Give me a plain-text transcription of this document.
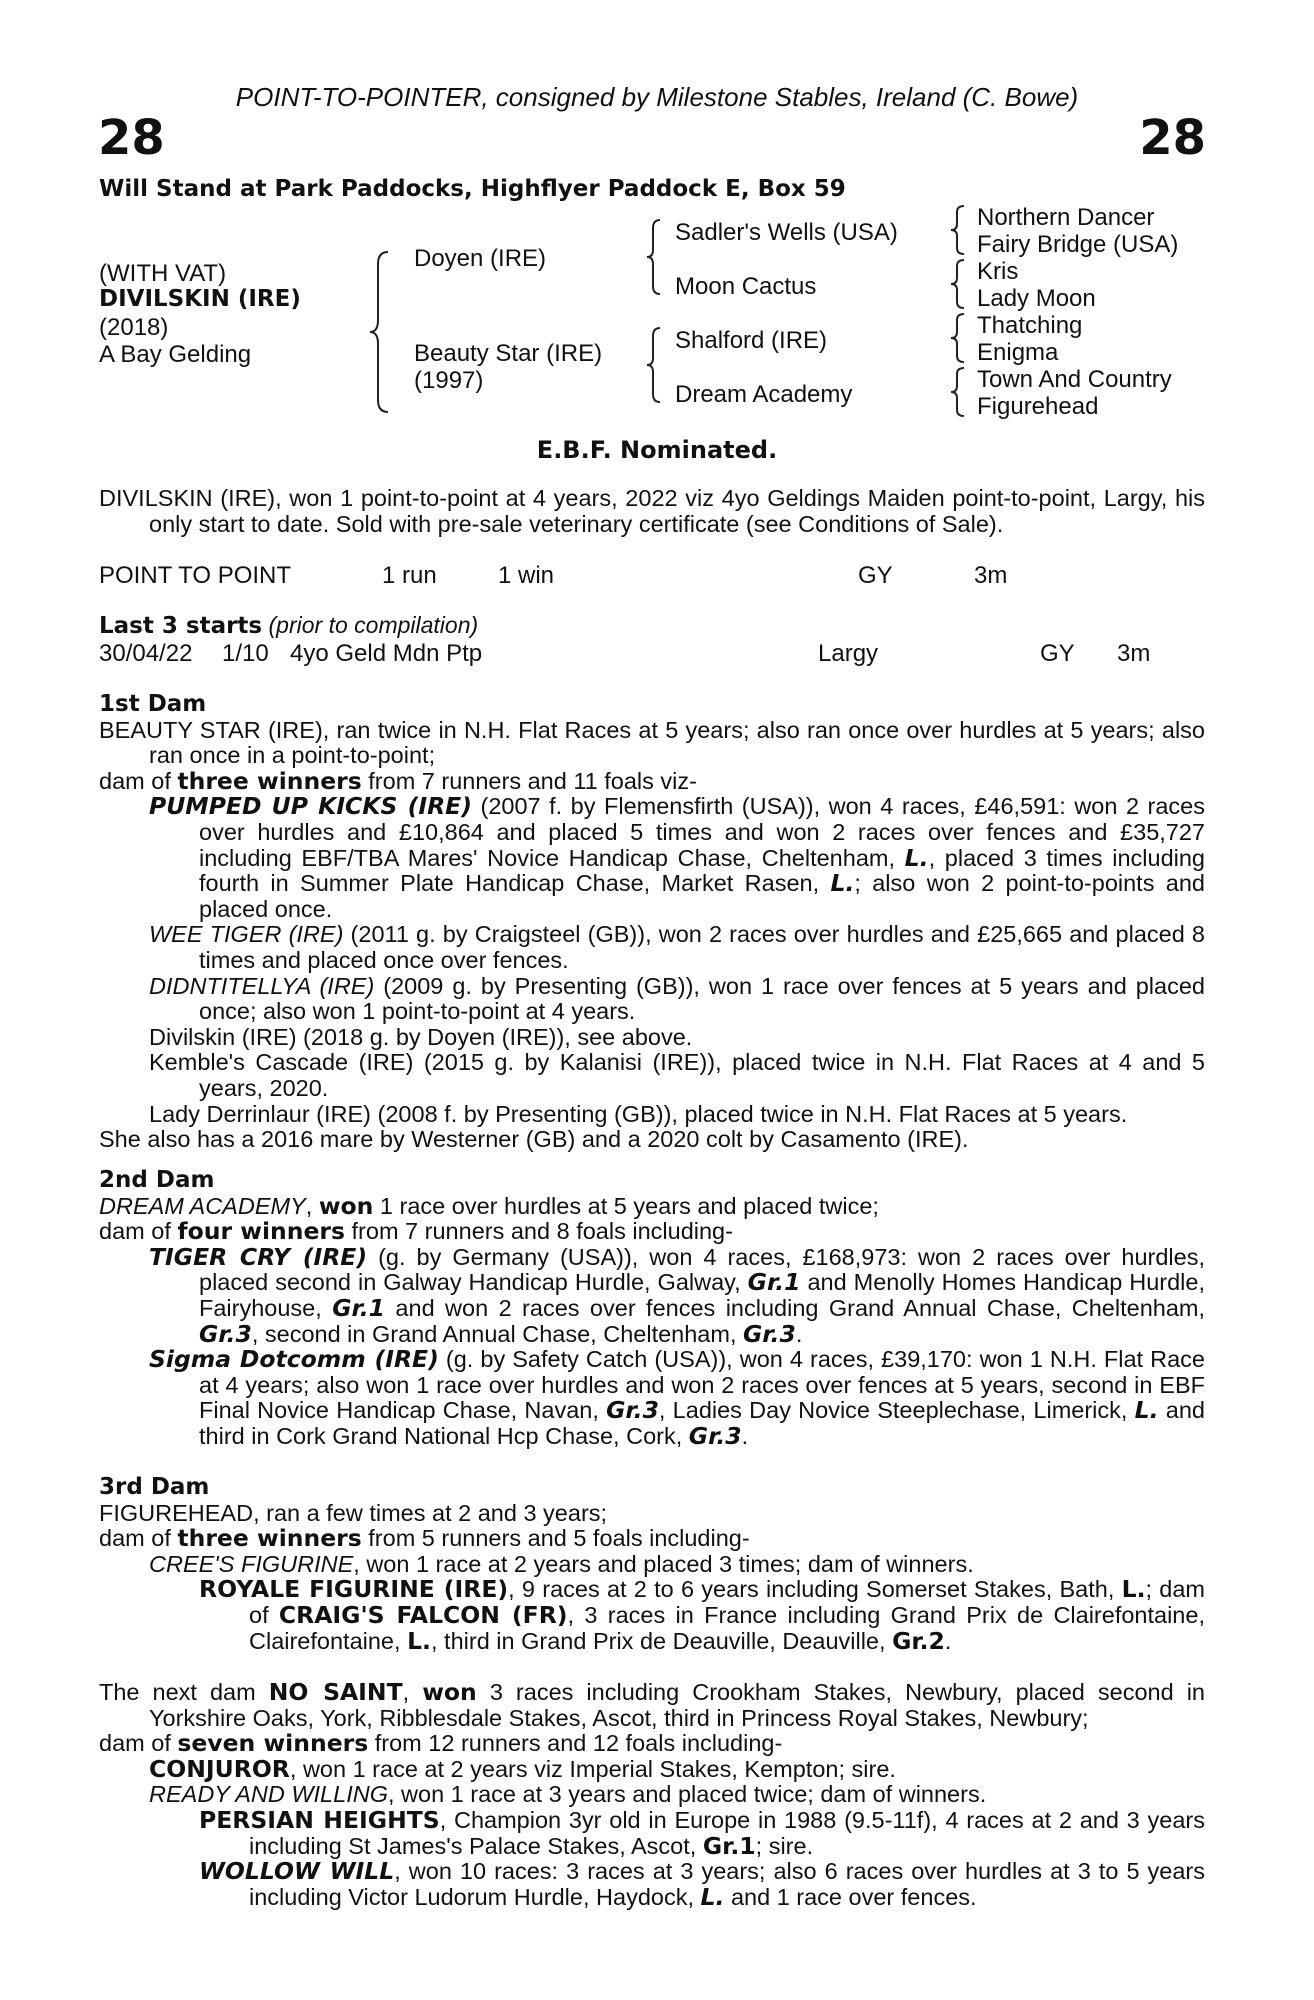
POINT-TO-POINTER, consigned by Milestone Stables, Ireland (C. Bowe)
28	28
Will Stand at Park Paddocks, Highflyer Paddock E, Box 59
(WITH VAT)
DIVILSKIN (IRE)
(2018)
A Bay Gelding
Doyen (IRE)
Beauty Star (IRE)
(1997)
Sadler's Wells (USA)
Moon Cactus
Shalford (IRE)
Dream Academy
Northern Dancer
Fairy Bridge (USA)
Kris
Lady Moon
Thatching
Enigma
Town And Country
Figurehead
E.B.F. Nominated.

DIVILSKIN (IRE), won 1 point-to-point at 4 years, 2022 viz 4yo Geldings Maiden point-to-point, Largy, his only start to date. Sold with pre-sale veterinary certificate (see Conditions of Sale).

POINT TO POINT	1 run	1 win	GY	3m
Last 3 starts (prior to compilation)
30/04/22 1/10 4yo Geld Mdn Ptp	Largy	GY 3m

1st Dam

BEAUTY STAR (IRE), ran twice in N.H. Flat Races at 5 years; also ran once over hurdles at 5 years; also ran once in a point-to-point;

dam of three winners from 7 runners and 11 foals viz-

PUMPED UP KICKS (IRE) (2007 f. by Flemensfirth (USA)), won 4 races, £46,591: won 2 races over hurdles and £10,864 and placed 5 times and won 2 races over fences and £35,727 including EBF/TBA Mares' Novice Handicap Chase, Cheltenham, L., placed 3 times including fourth in Summer Plate Handicap Chase, Market Rasen, L.; also won 2 point-to-points and placed once.

WEE TIGER (IRE) (2011 g. by Craigsteel (GB)), won 2 races over hurdles and £25,665 and placed 8 times and placed once over fences.

DIDNTITELLYA (IRE) (2009 g. by Presenting (GB)), won 1 race over fences at 5 years and placed once; also won 1 point-to-point at 4 years.

Divilskin (IRE) (2018 g. by Doyen (IRE)), see above.

Kemble's Cascade (IRE) (2015 g. by Kalanisi (IRE)), placed twice in N.H. Flat Races at 4 and 5 years, 2020.

Lady Derrinlaur (IRE) (2008 f. by Presenting (GB)), placed twice in N.H. Flat Races at 5 years.

She also has a 2016 mare by Westerner (GB) and a 2020 colt by Casamento (IRE).

2nd Dam

DREAM ACADEMY, won 1 race over hurdles at 5 years and placed twice;

dam of four winners from 7 runners and 8 foals including-

TIGER CRY (IRE) (g. by Germany (USA)), won 4 races, £168,973: won 2 races over hurdles, placed second in Galway Handicap Hurdle, Galway, Gr.1 and Menolly Homes Handicap Hurdle, Fairyhouse, Gr.1 and won 2 races over fences including Grand Annual Chase, Cheltenham, Gr.3, second in Grand Annual Chase, Cheltenham, Gr.3.

Sigma Dotcomm (IRE) (g. by Safety Catch (USA)), won 4 races, £39,170: won 1 N.H. Flat Race at 4 years; also won 1 race over hurdles and won 2 races over fences at 5 years, second in EBF Final Novice Handicap Chase, Navan, Gr.3, Ladies Day Novice Steeplechase, Limerick, L. and third in Cork Grand National Hcp Chase, Cork, Gr.3.

3rd Dam

FIGUREHEAD, ran a few times at 2 and 3 years;

dam of three winners from 5 runners and 5 foals including-

CREE'S FIGURINE, won 1 race at 2 years and placed 3 times; dam of winners.

ROYALE FIGURINE (IRE), 9 races at 2 to 6 years including Somerset Stakes, Bath, L.; dam of CRAIG'S FALCON (FR), 3 races in France including Grand Prix de Clairefontaine, Clairefontaine, L., third in Grand Prix de Deauville, Deauville, Gr.2.

The next dam NO SAINT, won 3 races including Crookham Stakes, Newbury, placed second in Yorkshire Oaks, York, Ribblesdale Stakes, Ascot, third in Princess Royal Stakes, Newbury;

dam of seven winners from 12 runners and 12 foals including-

CONJUROR, won 1 race at 2 years viz Imperial Stakes, Kempton; sire.

READY AND WILLING, won 1 race at 3 years and placed twice; dam of winners.

PERSIAN HEIGHTS, Champion 3yr old in Europe in 1988 (9.5-11f), 4 races at 2 and 3 years including St James's Palace Stakes, Ascot, Gr.1; sire.

WOLLOW WILL, won 10 races: 3 races at 3 years; also 6 races over hurdles at 3 to 5 years including Victor Ludorum Hurdle, Haydock, L. and 1 race over fences.
